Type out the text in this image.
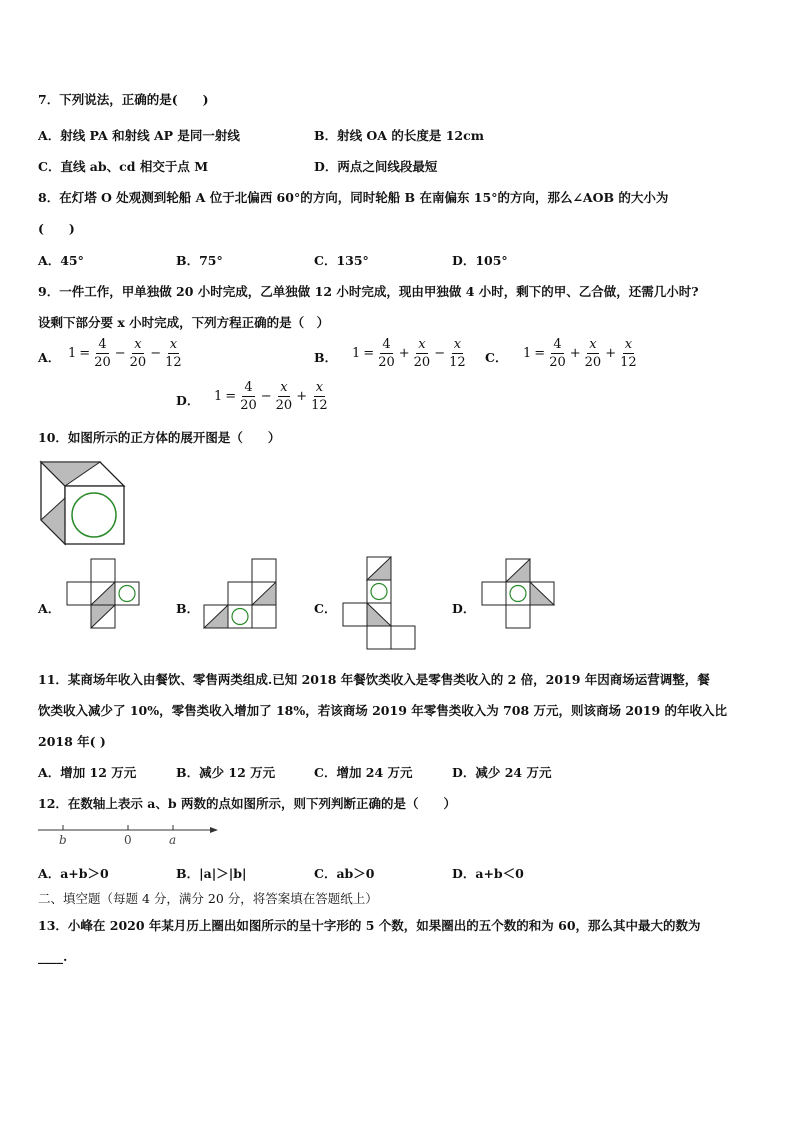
7．下列说法，正确的是(　　)
A．射线 PA 和射线 AP 是同一射线	B．射线 OA 的长度是 12cm
C．直线 ab、cd 相交于点 M	D．两点之间线段最短
8．在灯塔 O 处观测到轮船 A 位于北偏西 60°的方向，同时轮船 B 在南偏东 15°的方向，那么∠AOB 的大小为
(　　)
A．45°	B．75°	C．135°	D．105°
9．一件工作，甲单独做 20 小时完成，乙单独做 12 小时完成，现由甲独做 4 小时，剩下的甲、乙合做，还需几小时?
设剩下部分要 x 小时完成，下列方程正确的是（　）
A． $1 = \frac{4}{20} - \frac{x}{20} - \frac{x}{12}$	B． $1 = \frac{4}{20} + \frac{x}{20} - \frac{x}{12}$ C． $1 = \frac{4}{20} + \frac{x}{20} + \frac{x}{12}$
D． $1 = \frac{4}{20} - \frac{x}{20} + \frac{x}{12}$
10．如图所示的正方体的展开图是（　　）
A．	B．	C．	D．
11．某商场年收入由餐饮、零售两类组成.已知 2018 年餐饮类收入是零售类收入的 2 倍，2019 年因商场运营调整，餐
饮类收入减少了 10%，零售类收入增加了 18%，若该商场 2019 年零售类收入为 708 万元，则该商场 2019 的年收入比
2018 年( )
A．增加 12 万元	B．减少 12 万元	C．增加 24 万元	D．减少 24 万元
12．在数轴上表示 a、b 两数的点如图所示，则下列判断正确的是（　　）
b	0	a
A．a+b＞0	B．|a|＞|b|	C．ab＞0	D．a+b＜0
二、填空题（每题 4 分，满分 20 分，将答案填在答题纸上）
13．小峰在 2020 年某月历上圈出如图所示的呈十字形的 5 个数，如果圈出的五个数的和为 60，那么其中最大的数为
____.
